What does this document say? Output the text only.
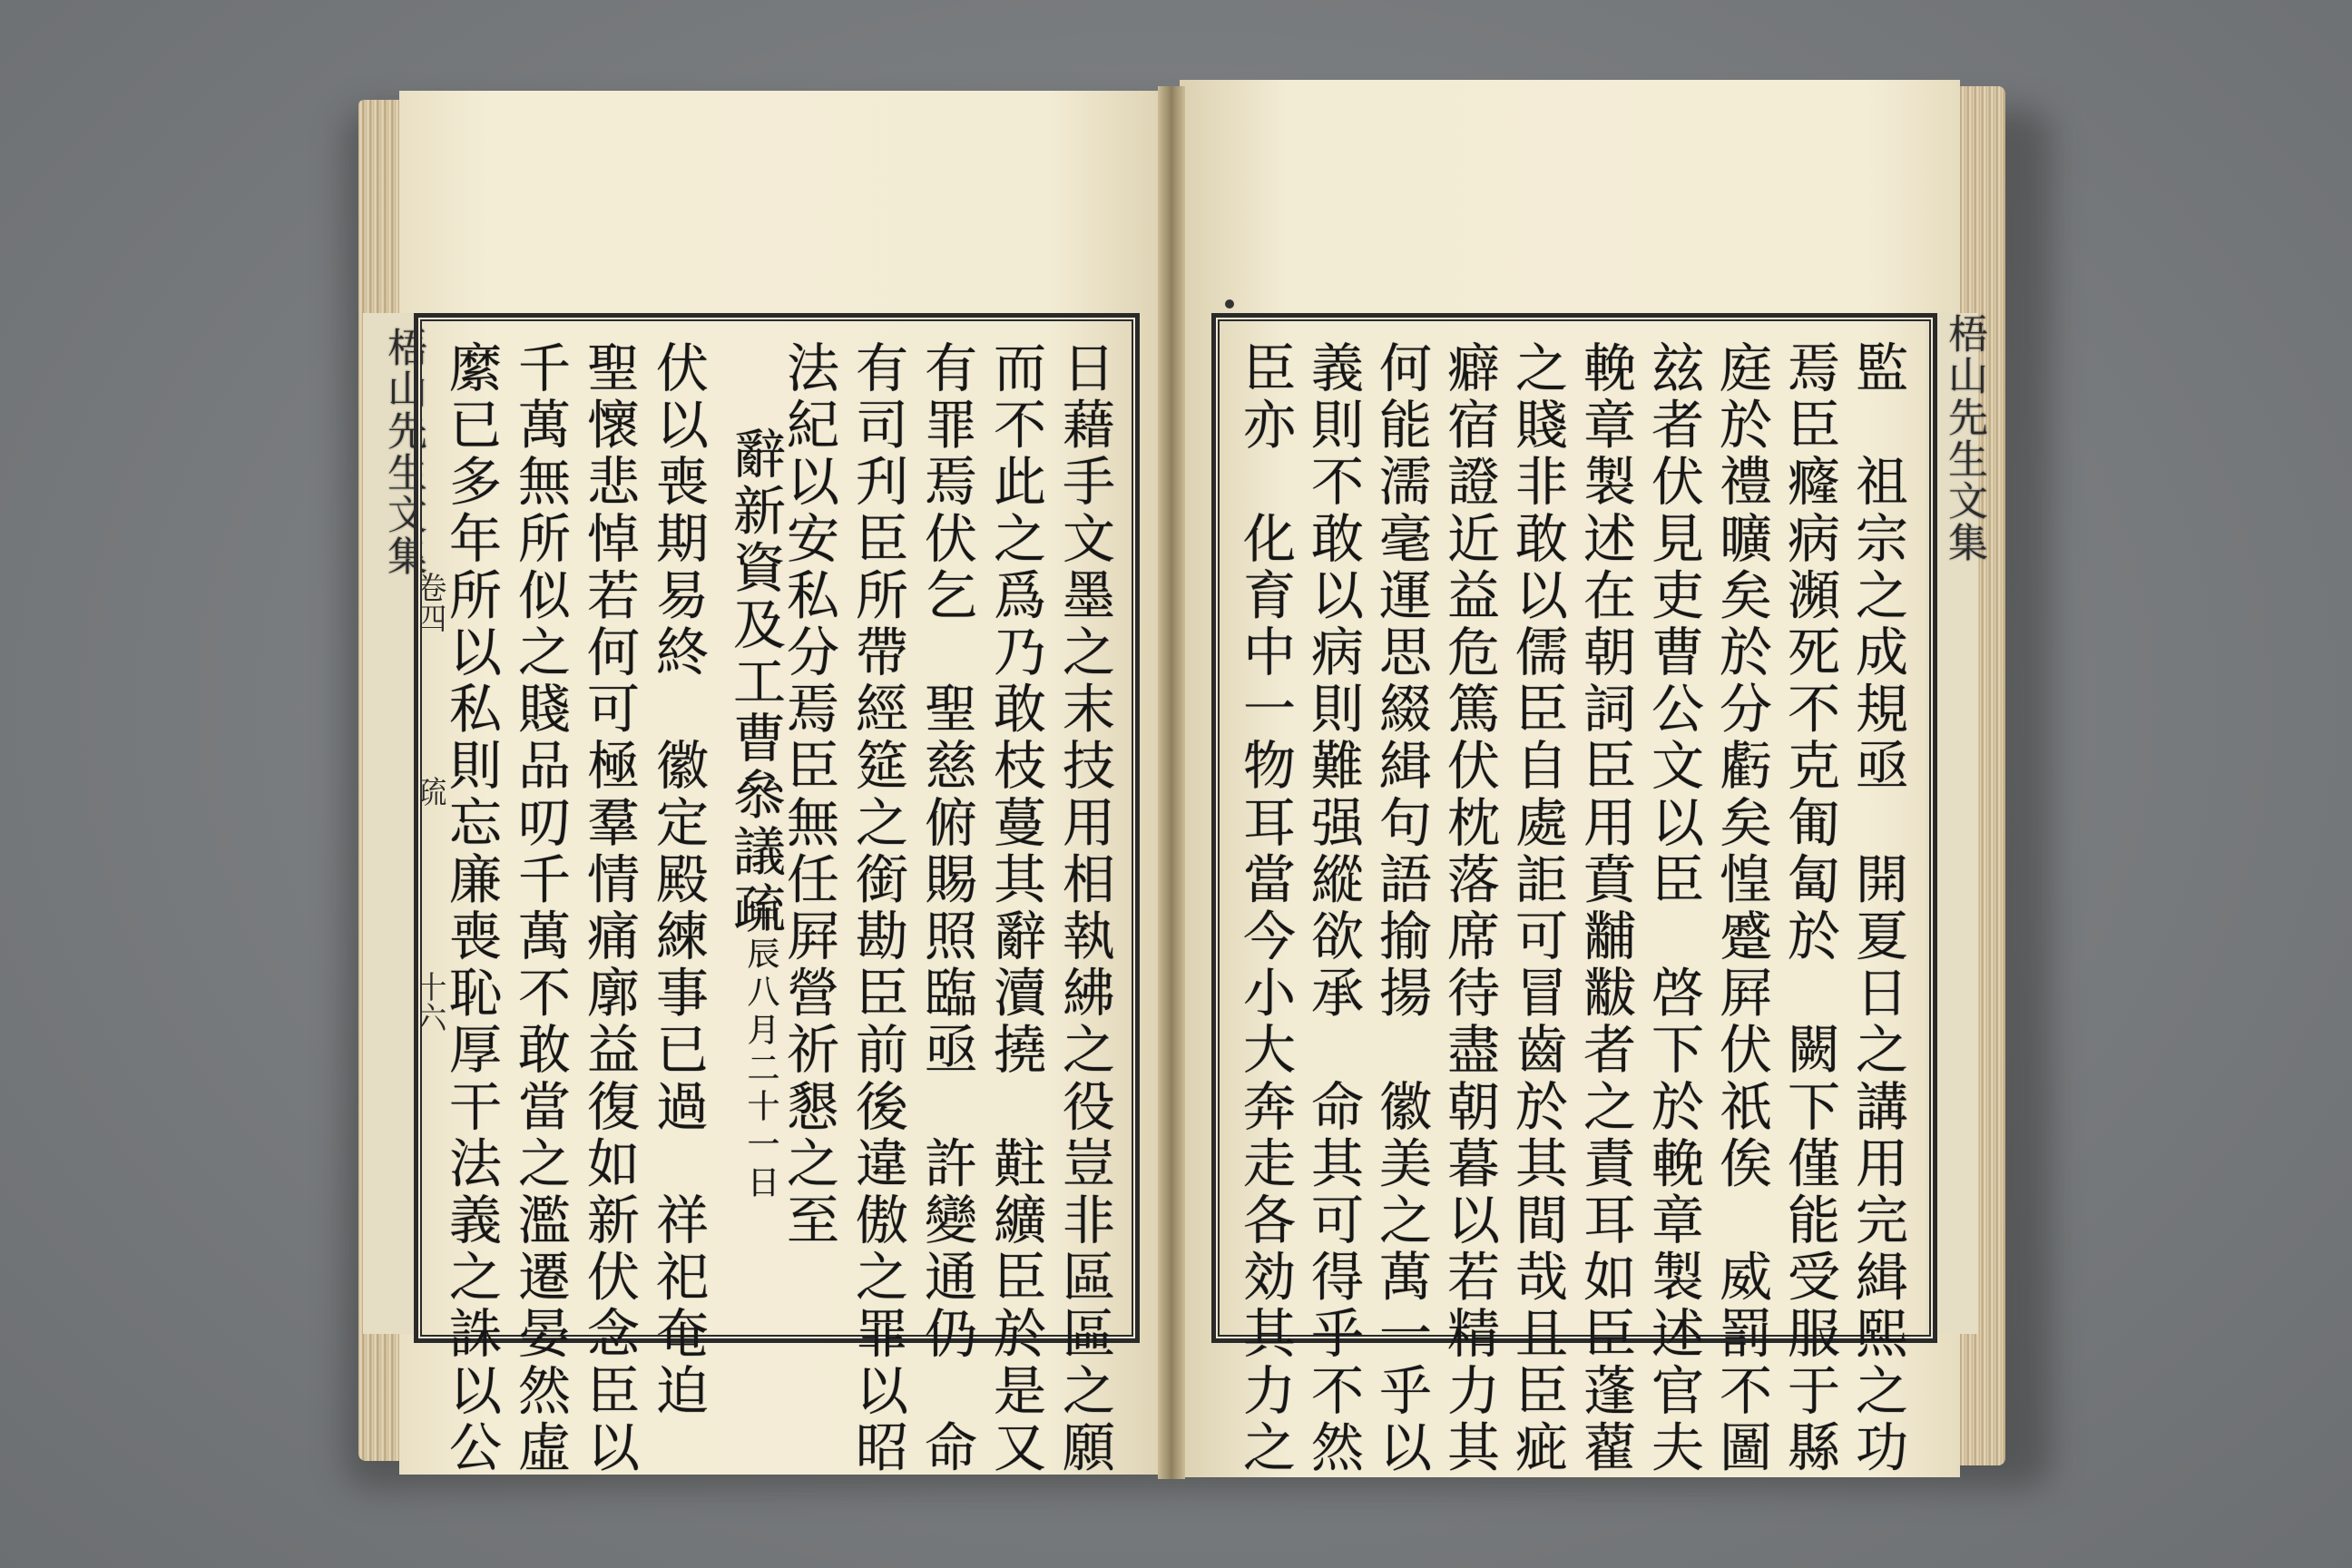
梧山先生文集
卷四
疏
十六	日藉手文墨之末技用相執紼之役豈非區區之願
而不此之爲乃敢枝蔓其辭瀆撓　黈纊臣於是又
有罪焉伏乞　聖慈俯賜照臨亟　許變通仍　命
有司刋臣所帶經筵之銜勘臣前後違傲之罪以昭
法紀以安私分焉臣無任屛營祈懇之至
辭新資及工曹叅議疏
甲辰八月二十一日
伏以喪期易終　徽定殿練事已過　祥祀奄迫
聖懷悲悼若何可極羣情痛廓益復如新伏念臣以
千萬無所似之賤品叨千萬不敢當之濫遷晏然虛
縻已多年所以私則忘廉喪恥厚干法義之誅以公	梧山先生文集
監　祖宗之成規亟　開夏日之講用完緝熙之功
焉臣癃病瀕死不克匍匐於　闕下僅能受服于縣
庭於禮曠矣於分虧矣惶蹙屛伏祇俟　威罰不圖
玆者伏見吏曹公文以臣　啓下於輓章製述官夫
輓章製述在朝詞臣用賁黼黻者之責耳如臣蓬藋
之賤非敢以儒臣自處詎可冒齒於其間哉且臣疵
癖宿證近益危篤伏枕落席待盡朝暮以若精力其
何能濡毫運思綴緝句語揄揚　徽美之萬一乎以
義則不敢以病則難强縱欲承　命其可得乎不然
臣亦　化育中一物耳當今小大奔走各効其力之
